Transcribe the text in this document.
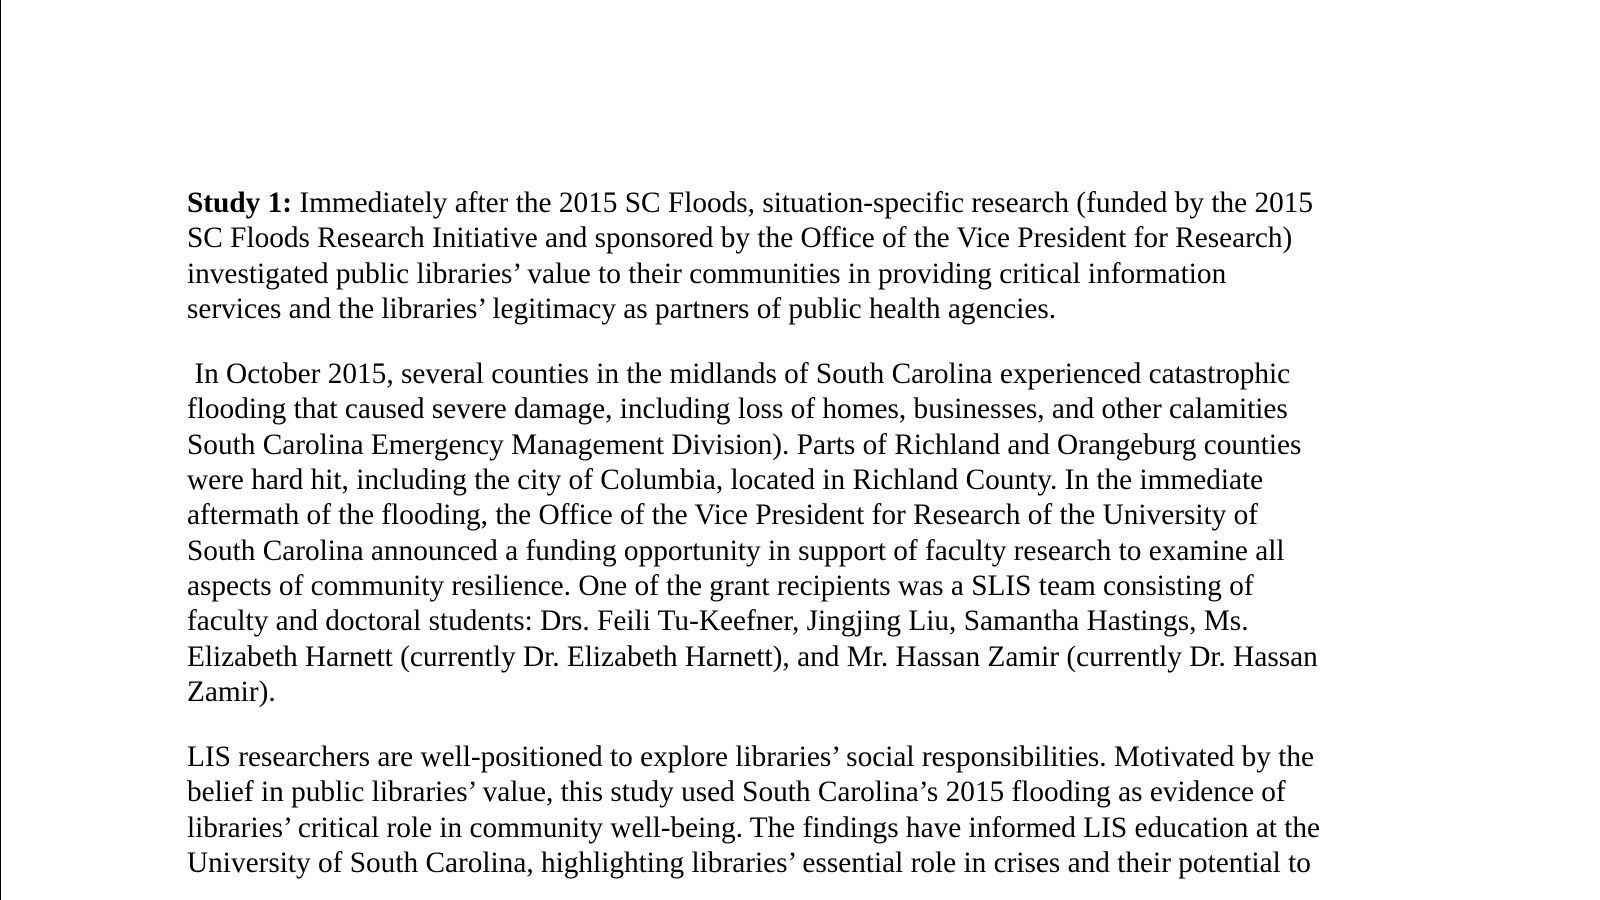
Study 1: Immediately after the 2015 SC Floods, situation-specific research (funded by the 2015
SC Floods Research Initiative and sponsored by the Office of the Vice President for Research)
investigated public libraries’ value to their communities in providing critical information
services and the libraries’ legitimacy as partners of public health agencies.

In October 2015, several counties in the midlands of South Carolina experienced catastrophic
flooding that caused severe damage, including loss of homes, businesses, and other calamities
South Carolina Emergency Management Division). Parts of Richland and Orangeburg counties
were hard hit, including the city of Columbia, located in Richland County. In the immediate
aftermath of the flooding, the Office of the Vice President for Research of the University of
South Carolina announced a funding opportunity in support of faculty research to examine all
aspects of community resilience. One of the grant recipients was a SLIS team consisting of
faculty and doctoral students: Drs. Feili Tu-Keefner, Jingjing Liu, Samantha Hastings, Ms.
Elizabeth Harnett (currently Dr. Elizabeth Harnett), and Mr. Hassan Zamir (currently Dr. Hassan
Zamir).

LIS researchers are well-positioned to explore libraries’ social responsibilities. Motivated by the
belief in public libraries’ value, this study used South Carolina’s 2015 flooding as evidence of
libraries’ critical role in community well-being. The findings have informed LIS education at the
University of South Carolina, highlighting libraries’ essential role in crises and their potential to
